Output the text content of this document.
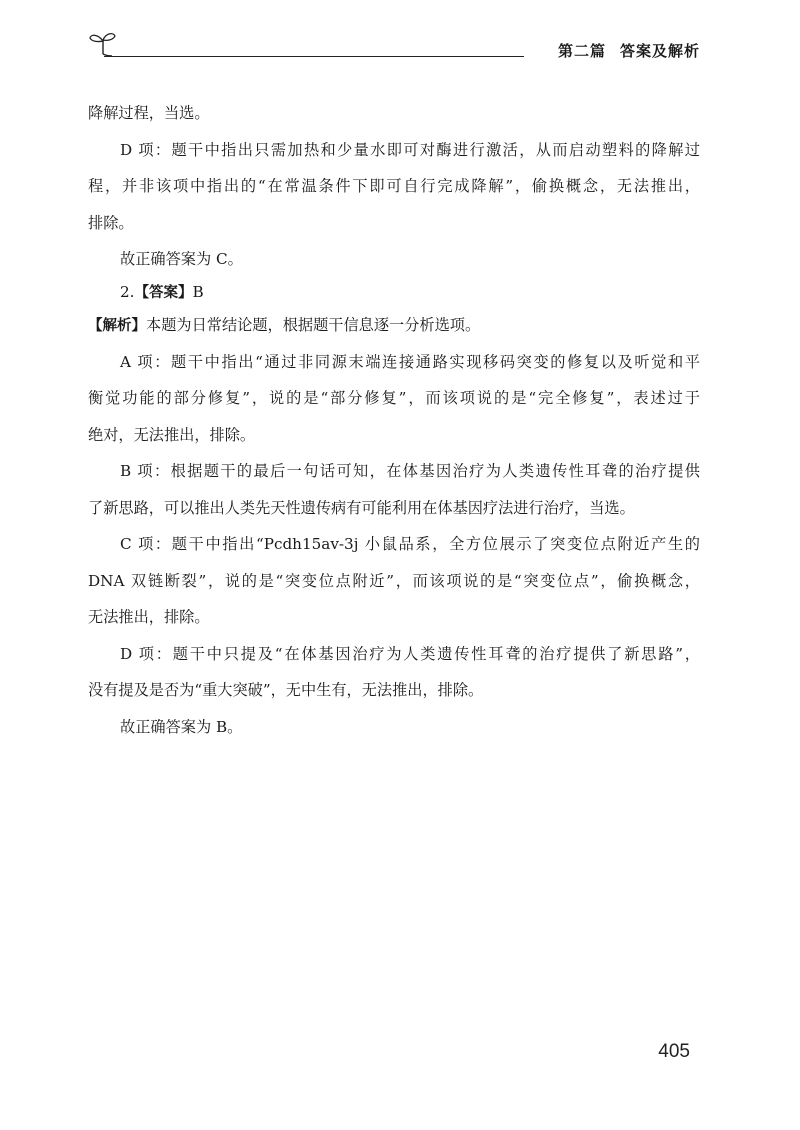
第二篇 答案及解析
降解过程，当选。
D 项：题干中指出只需加热和少量水即可对酶进行激活，从而启动塑料的降解过
程，并非该项中指出的“在常温条件下即可自行完成降解”，偷换概念，无法推出，
排除。
故正确答案为 C。
2.【答案】B
【解析】本题为日常结论题，根据题干信息逐一分析选项。
A 项：题干中指出“通过非同源末端连接通路实现移码突变的修复以及听觉和平
衡觉功能的部分修复”，说的是“部分修复”，而该项说的是“完全修复”，表述过于
绝对，无法推出，排除。
B 项：根据题干的最后一句话可知，在体基因治疗为人类遗传性耳聋的治疗提供
了新思路，可以推出人类先天性遗传病有可能利用在体基因疗法进行治疗，当选。
C 项：题干中指出“Pcdh15av-3j 小鼠品系，全方位展示了突变位点附近产生的
DNA 双链断裂”，说的是“突变位点附近”，而该项说的是“突变位点”，偷换概念，
无法推出，排除。
D 项：题干中只提及“在体基因治疗为人类遗传性耳聋的治疗提供了新思路”，
没有提及是否为“重大突破”，无中生有，无法推出，排除。
故正确答案为 B。
405
